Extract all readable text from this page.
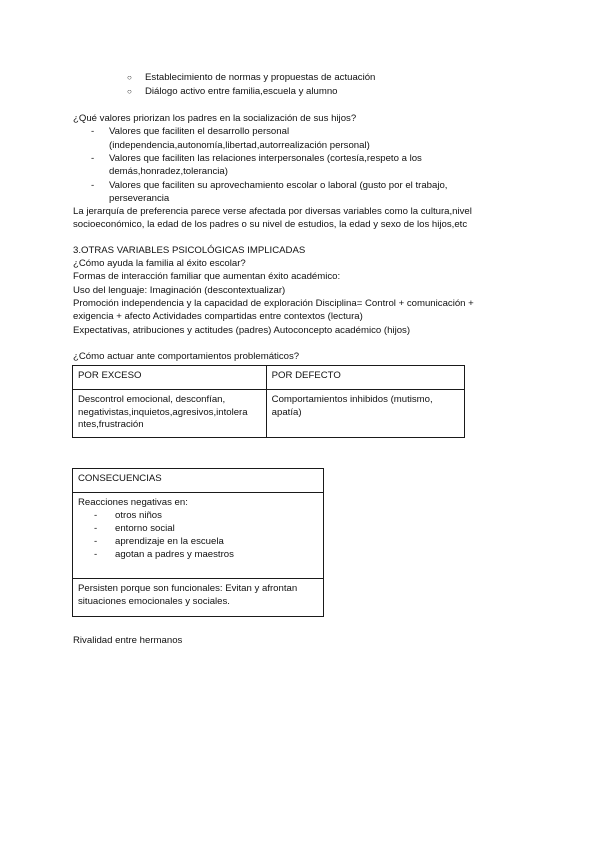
○ Establecimiento de normas y propuestas de actuación
○ Diálogo activo entre familia,escuela y alumno
¿Qué valores priorizan los padres en la socialización de sus hijos?
- Valores que faciliten el desarrollo personal
(independencia,autonomía,libertad,autorrealización personal)
- Valores que faciliten las relaciones interpersonales (cortesía,respeto a los
demás,honradez,tolerancia)
- Valores que faciliten su aprovechamiento escolar o laboral (gusto por el trabajo,
perseverancia
La jerarquía de preferencia parece verse afectada por diversas variables como la cultura,nivel
socioeconómico, la edad de los padres o su nivel de estudios, la edad y sexo de los hijos,etc
3.OTRAS VARIABLES PSICOLÓGICAS IMPLICADAS
¿Cómo ayuda la familia al éxito escolar?
Formas de interacción familiar que aumentan éxito académico:
Uso del lenguaje: Imaginación (descontextualizar)
Promoción independencia y la capacidad de exploración Disciplina= Control + comunicación +
exigencia + afecto Actividades compartidas entre contextos (lectura)
Expectativas, atribuciones y actitudes (padres) Autoconcepto académico (hijos)
¿Cómo actuar ante comportamientos problemáticos?
POR EXCESO	POR DEFECTO

Descontrol emocional, desconfían,
negativistas,inquietos,agresivos,intolera
ntes,frustración	Comportamientos inhibidos (mutismo,
apatía)
CONSECUENCIAS

Reacciones negativas en:
- otros niños
- entorno social
- aprendizaje en la escuela
- agotan a padres y maestros

Persisten porque son funcionales: Evitan y afrontan
situaciones emocionales y sociales.
Rivalidad entre hermanos
